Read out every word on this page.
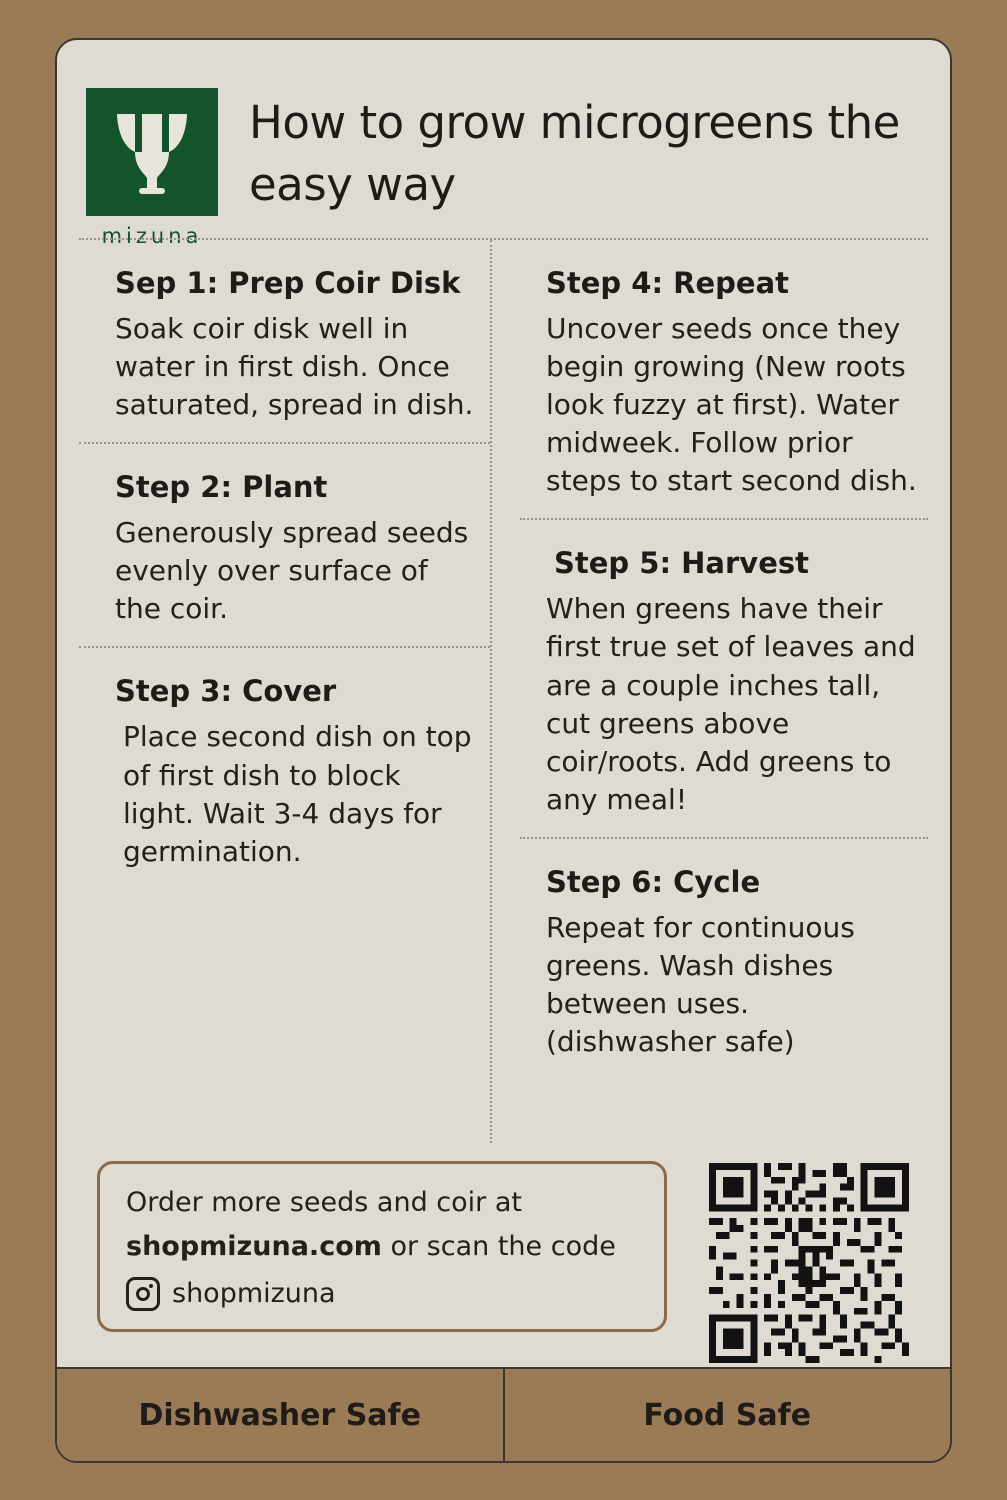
mizuna
How to grow microgreens the easy way
Sep 1: Prep Coir Disk

Soak coir disk well in water in first dish. Once saturated, spread in dish.

Step 2: Plant

Generously spread seeds evenly over surface of the coir.

Step 3: Cover

Place second dish on top of first dish to block light. Wait 3-4 days for germination.

Step 4: Repeat

Uncover seeds once they begin growing (New roots look fuzzy at first). Water midweek. Follow prior steps to start second dish.

Step 5: Harvest

When greens have their first true set of leaves and are a couple inches tall, cut greens above coir/roots. Add greens to any meal!

Step 6: Cycle

Repeat for continuous greens. Wash dishes between uses. (dishwasher safe)

Order more seeds and coir at

shopmizuna.com or scan the code

shopmizuna
Dishwasher Safe	Food Safe
